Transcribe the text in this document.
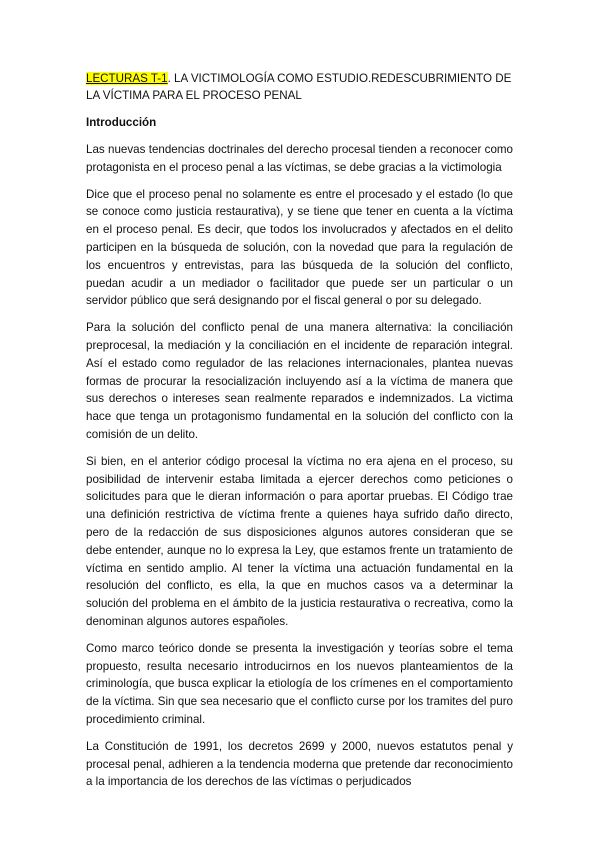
LECTURAS T-1. LA VICTIMOLOGÍA COMO ESTUDIO.REDESCUBRIMIENTO DE LA VÍCTIMA PARA EL PROCESO PENAL
Introducción

Las nuevas tendencias doctrinales del derecho procesal tienden a reconocer como protagonista en el proceso penal a las víctimas, se debe gracias a la victimologia

Dice que el proceso penal no solamente es entre el procesado y el estado (lo que se conoce como justicia restaurativa), y se tiene que tener en cuenta a la víctima en el proceso penal. Es decir, que todos los involucrados y afectados en el delito participen en la búsqueda de solución, con la novedad que para la regulación de los encuentros y entrevistas, para las búsqueda de la solución del conflicto, puedan acudir a un mediador o facilitador que puede ser un particular o un servidor público que será designando por el fiscal general o por su delegado.

Para la solución del conflicto penal de una manera alternativa: la conciliación preprocesal, la mediación y la conciliación en el incidente de reparación integral. Así el estado como regulador de las relaciones internacionales, plantea nuevas formas de procurar la resocialización incluyendo así a la víctima de manera que sus derechos o intereses sean realmente reparados e indemnizados. La victima hace que tenga un protagonismo fundamental en la solución del conflicto con la comisión de un delito.

Si bien, en el anterior código procesal la víctima no era ajena en el proceso, su posibilidad de intervenir estaba limitada a ejercer derechos como peticiones o solicitudes para que le dieran información o para aportar pruebas. El Código trae una definición restrictiva de víctima frente a quienes haya sufrido daño directo, pero de la redacción de sus disposiciones algunos autores consideran que se debe entender, aunque no lo expresa la Ley, que estamos frente un tratamiento de víctima en sentido amplio. Al tener la víctima una actuación fundamental en la resolución del conflicto, es ella, la que en muchos casos va a determinar la solución del problema en el ámbito de la justicia restaurativa o recreativa, como la denominan algunos autores españoles.

Como marco teórico donde se presenta la investigación y teorías sobre el tema propuesto, resulta necesario introducirnos en los nuevos planteamientos de la criminología, que busca explicar la etiología de los crímenes en el comportamiento de la víctima. Sin que sea necesario que el conflicto curse por los tramites del puro procedimiento criminal.

La Constitución de 1991, los decretos 2699 y 2000, nuevos estatutos penal y procesal penal, adhieren a la tendencia moderna que pretende dar reconocimiento a la importancia de los derechos de las víctimas o perjudicados
